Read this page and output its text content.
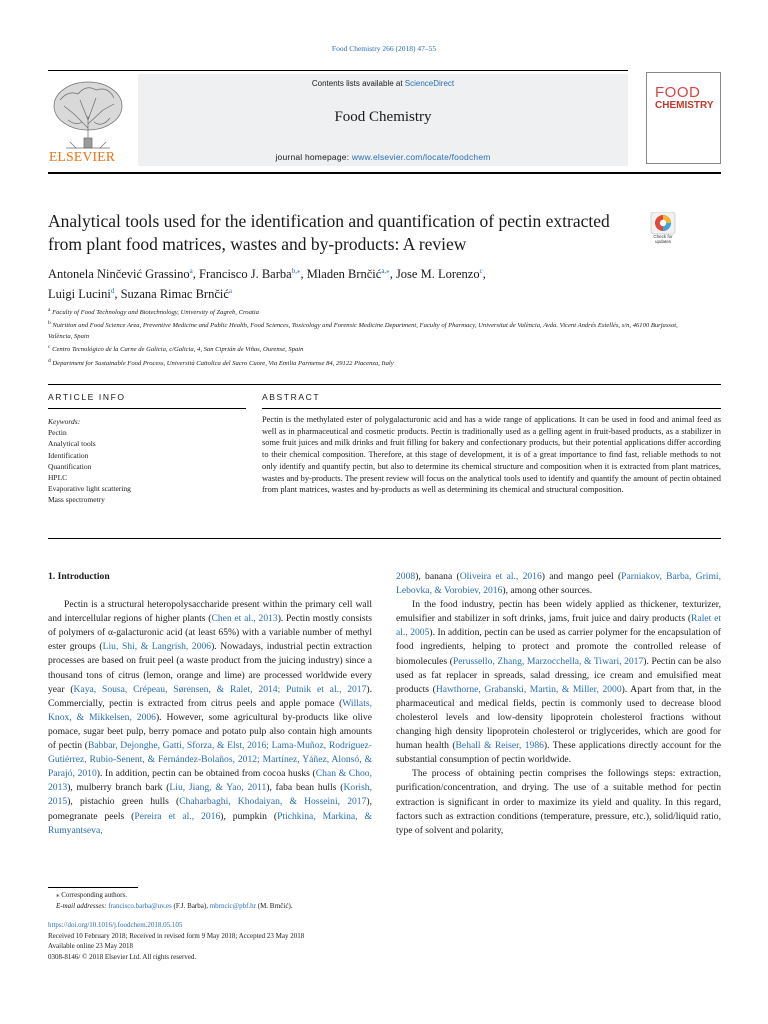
Food Chemistry 266 (2018) 47–55
ELSEVIER
Contents lists available at ScienceDirect
Food Chemistry
journal homepage: www.elsevier.com/locate/foodchem
FOOD
CHEMISTRY
Analytical tools used for the identification and quantification of pectin extracted from plant food matrices, wastes and by-products: A review	Check for updates
Antonela Ninčević Grassino$^a$, Francisco J. Barba$^{b,⁎}$, Mladen Brnčić$^{a,⁎}$, Jose M. Lorenzo$^c$,
Luigi Lucini$^d$, Suzana Rimac Brnčić$^a$
$^a$ Faculty of Food Technology and Biotechnology, University of Zagreb, Croatia
$^b$ Nutrition and Food Science Area, Preventive Medicine and Public Health, Food Sciences, Toxicology and Forensic Medicine Department, Faculty of Pharmacy, Universitat de València, Avda. Vicent Andrés Estellés, s/n, 46100 Burjassot, València, Spain
$^c$ Centro Tecnológico de la Carne de Galicia, c/Galicia, 4, San Ciprián de Viñas, Ourense, Spain
$^d$ Department for Sustainable Food Process, Università Cattolica del Sacro Cuore, Via Emilia Parmense 84, 29122 Piacenza, Italy
ARTICLE INFO	ABSTRACT
Keywords:
Pectin
Analytical tools
Identification
Quantification
HPLC
Evaporative light scattering
Mass spectrometry
Pectin is the methylated ester of polygalacturonic acid and has a wide range of applications. It can be used in food and animal feed as well as in pharmaceutical and cosmetic products. Pectin is traditionally used as a gelling agent in fruit-based products, as a stabilizer in some fruit juices and milk drinks and fruit filling for bakery and confectionary products, but their potential applications differ according to their chemical composition. Therefore, at this stage of development, it is of a great importance to find fast, reliable methods to not only identify and quantify pectin, but also to determine its chemical structure and composition when it is extracted from plant matrices, wastes and by-products. The present review will focus on the analytical tools used to identify and quantify the amount of pectin obtained from plant matrices, wastes and by-products as well as determining its chemical and structural composition.
1. Introduction

Pectin is a structural heteropolysaccharide present within the primary cell wall and intercellular regions of higher plants (Chen et al., 2013). Pectin mostly consists of polymers of α-galacturonic acid (at least 65%) with a variable number of methyl ester groups (Liu, Shi, & Langrish, 2006). Nowadays, industrial pectin extraction processes are based on fruit peel (a waste product from the juicing industry) since a thousand tons of citrus (lemon, orange and lime) are processed worldwide every year (Kaya, Sousa, Crépeau, Sørensen, & Ralet, 2014; Putnik et al., 2017). Commercially, pectin is extracted from citrus peels and apple pomace (Willats, Knox, & Mikkelsen, 2006). However, some agricultural by-products like olive pomace, sugar beet pulp, berry pomace and potato pulp also contain high amounts of pectin (Babbar, Dejonghe, Gatti, Sforza, & Elst, 2016; Lama-Muñoz, Rodríguez-Gutiérrez, Rubio-Senent, & Fernández-Bolaños, 2012; Martínez, Yáñez, Alonsó, & Parajó, 2010). In addition, pectin can be obtained from cocoa husks (Chan & Choo, 2013), mulberry branch bark (Liu, Jiang, & Yao, 2011), faba bean hulls (Korish, 2015), pistachio green hulls (Chaharbaghi, Khodaiyan, & Hosseini, 2017), pomegranate peels (Pereira et al., 2016), pumpkin (Ptichkina, Markina, & Rumyantseva,

2008), banana (Oliveira et al., 2016) and mango peel (Parniakov, Barba, Grimi, Lebovka, & Vorobiev, 2016), among other sources.

In the food industry, pectin has been widely applied as thickener, texturizer, emulsifier and stabilizer in soft drinks, jams, fruit juice and dairy products (Ralet et al., 2005). In addition, pectin can be used as carrier polymer for the encapsulation of food ingredients, helping to protect and promote the controlled release of biomolecules (Perussello, Zhang, Marzocchella, & Tiwari, 2017). Pectin can be also used as fat replacer in spreads, salad dressing, ice cream and emulsified meat products (Hawthorne, Grabanski, Martin, & Miller, 2000). Apart from that, in the pharmaceutical and medical fields, pectin is commonly used to decrease blood cholesterol levels and low-density lipoprotein cholesterol fractions without changing high density lipoprotein cholesterol or triglycerides, which are good for human health (Behall & Reiser, 1986). These applications directly account for the substantial consumption of pectin worldwide.

The process of obtaining pectin comprises the followings steps: extraction, purification/concentration, and drying. The use of a suitable method for pectin extraction is significant in order to maximize its yield and quality. In this regard, factors such as extraction conditions (temperature, pressure, etc.), solid/liquid ratio, type of solvent and polarity,

⁎ Corresponding authors.
E-mail addresses: francisco.barba@uv.es (F.J. Barba), mbrncic@pbf.hr (M. Brnčić).
https://doi.org/10.1016/j.foodchem.2018.05.105
Received 10 February 2018; Received in revised form 9 May 2018; Accepted 23 May 2018
Available online 23 May 2018
0308-8146/ © 2018 Elsevier Ltd. All rights reserved.
